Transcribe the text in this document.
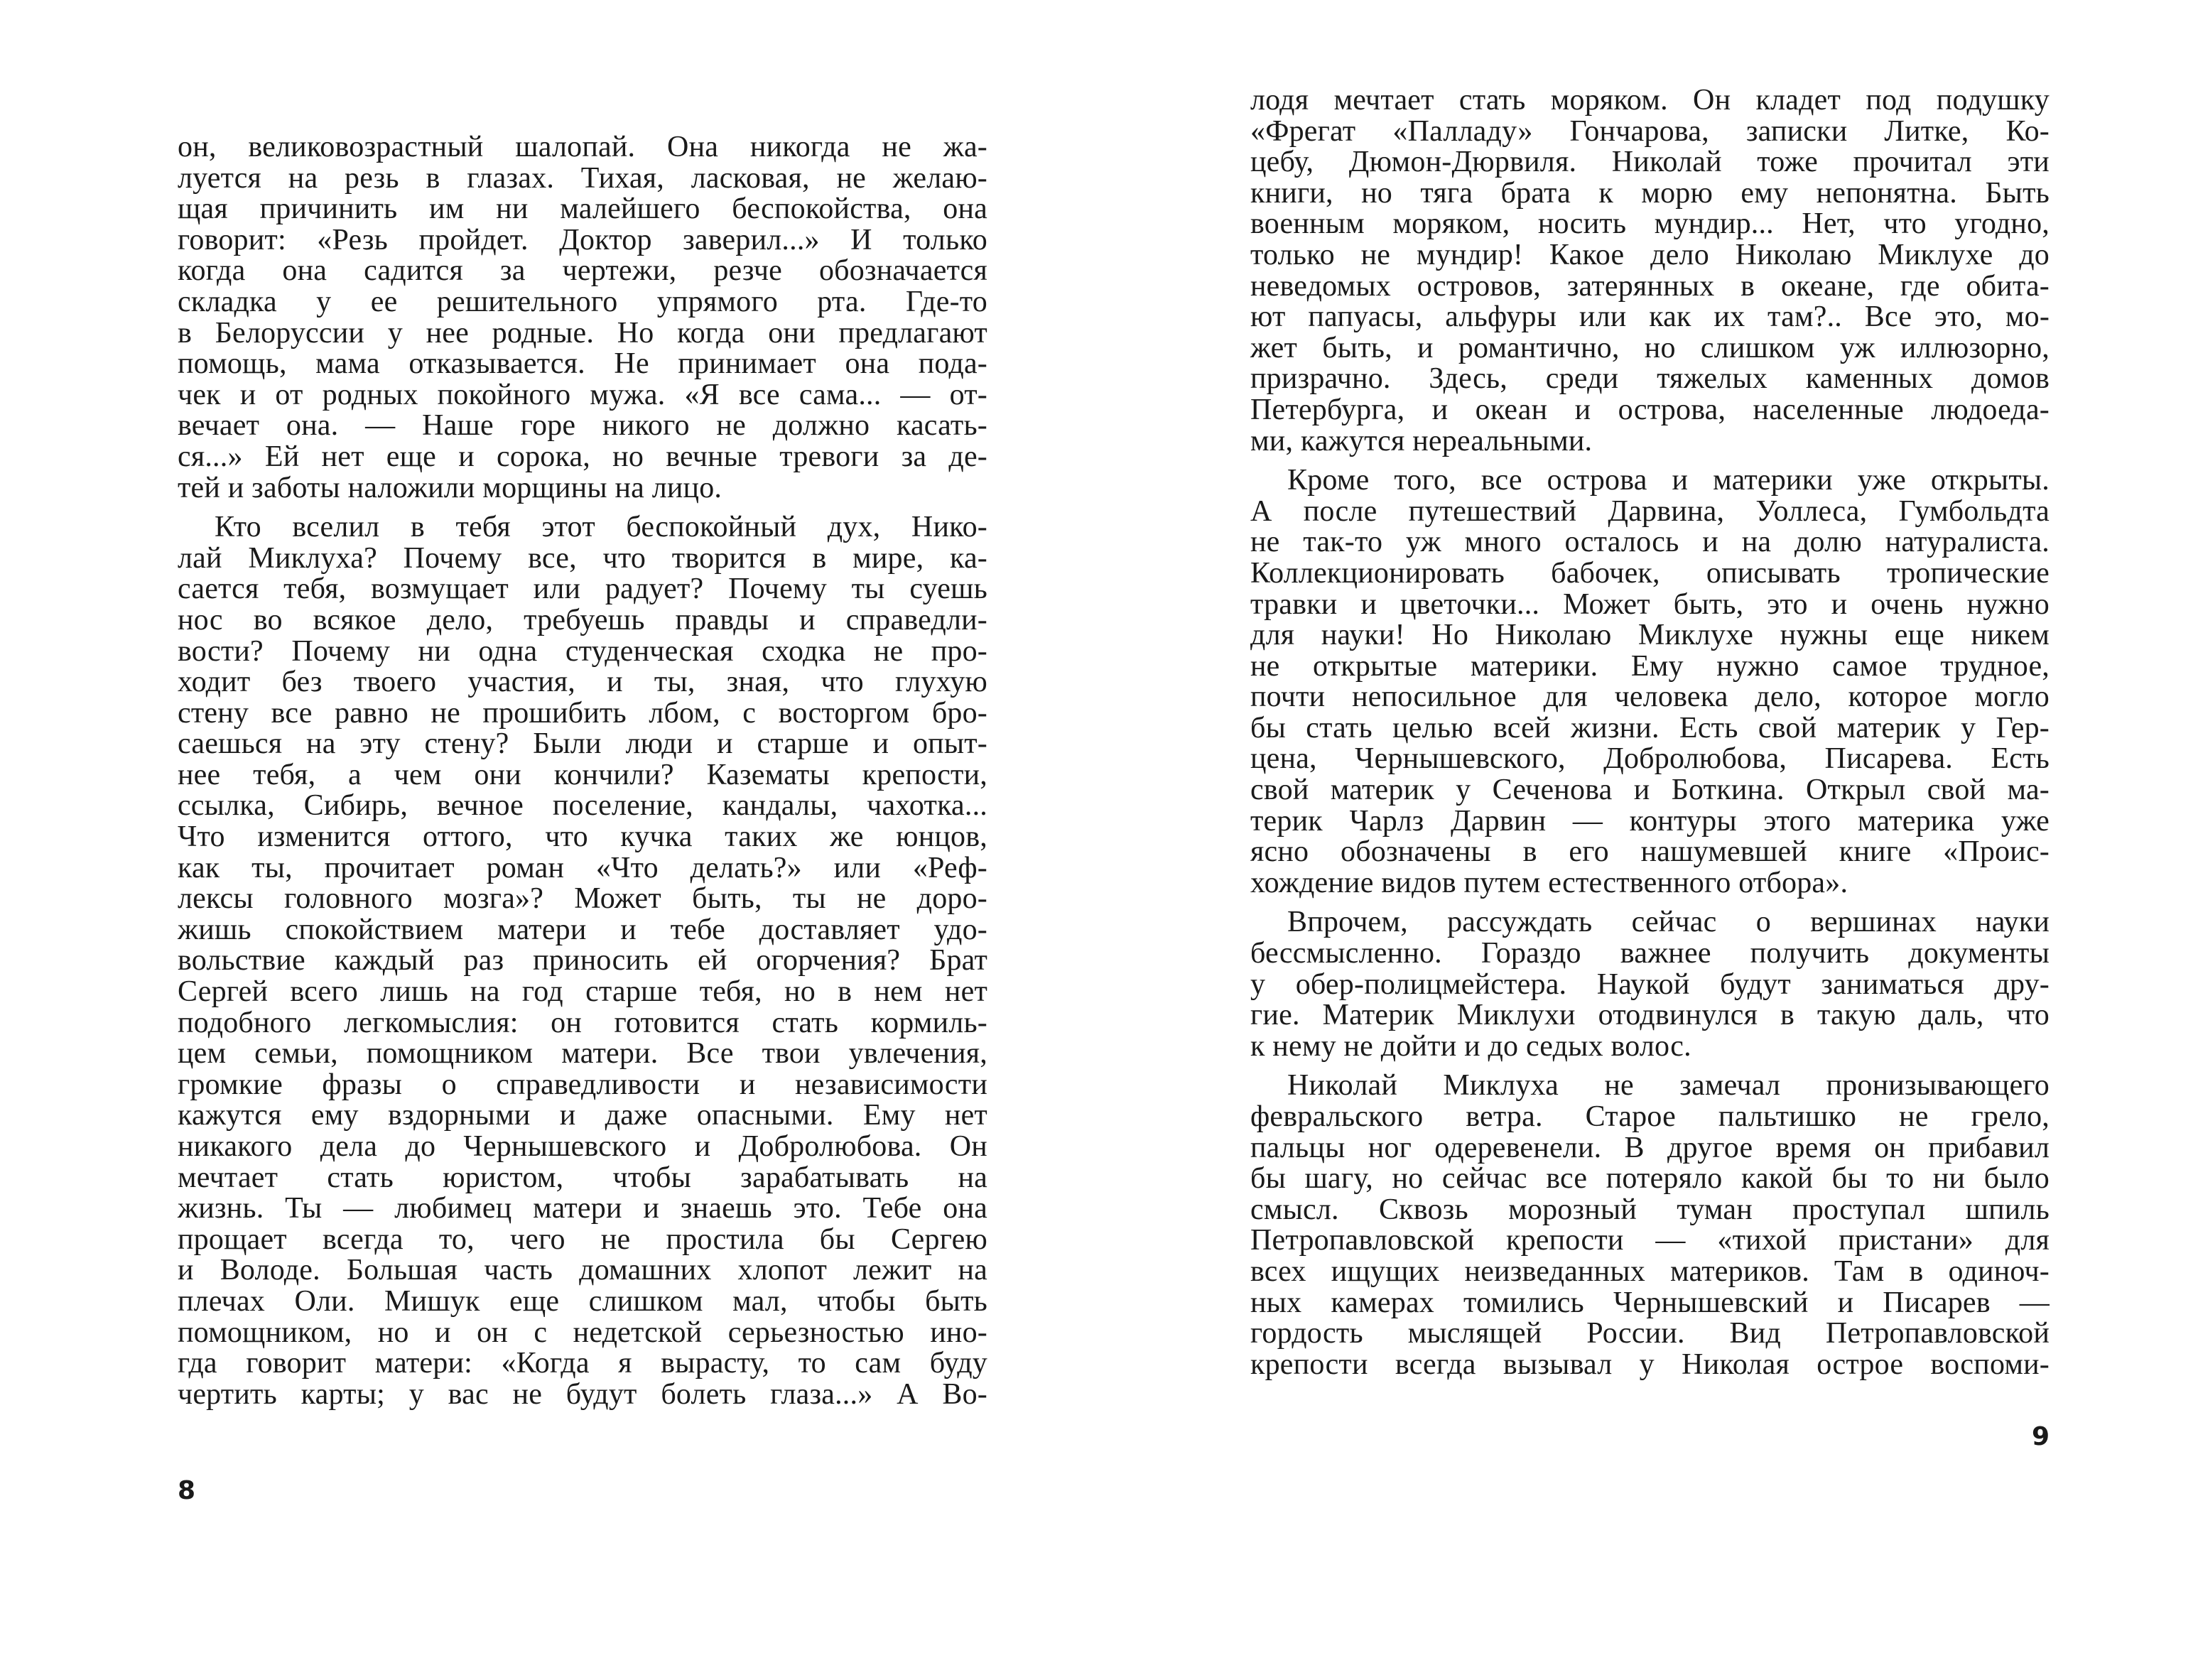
он, великовозрастный шалопай. Она никогда не жа-
луется на резь в глазах. Тихая, ласковая, не желаю-
щая причинить им ни малейшего беспокойства, она
говорит: «Резь пройдет. Доктор заверил...» И только
когда она садится за чертежи, резче обозначается
складка у ее решительного упрямого рта. Где-то
в Белоруссии у нее родные. Но когда они предлагают
помощь, мама отказывается. Не принимает она пода-
чек и от родных покойного мужа. «Я все сама... — от-
вечает она. — Наше горе никого не должно касать-
ся...» Ей нет еще и сорока, но вечные тревоги за де-
тей и заботы наложили морщины на лицо.
Кто вселил в тебя этот беспокойный дух, Нико-
лай Миклуха? Почему все, что творится в мире, ка-
сается тебя, возмущает или радует? Почему ты суешь
нос во всякое дело, требуешь правды и справедли-
вости? Почему ни одна студенческая сходка не про-
ходит без твоего участия, и ты, зная, что глухую
стену все равно не прошибить лбом, с восторгом бро-
саешься на эту стену? Были люди и старше и опыт-
нее тебя, а чем они кончили? Казематы крепости,
ссылка, Сибирь, вечное поселение, кандалы, чахотка...
Что изменится оттого, что кучка таких же юнцов,
как ты, прочитает роман «Что делать?» или «Реф-
лексы головного мозга»? Может быть, ты не доро-
жишь спокойствием матери и тебе доставляет удо-
вольствие каждый раз приносить ей огорчения? Брат
Сергей всего лишь на год старше тебя, но в нем нет
подобного легкомыслия: он готовится стать кормиль-
цем семьи, помощником матери. Все твои увлечения,
громкие фразы о справедливости и независимости
кажутся ему вздорными и даже опасными. Ему нет
никакого дела до Чернышевского и Добролюбова. Он
мечтает стать юристом, чтобы зарабатывать на
жизнь. Ты — любимец матери и знаешь это. Тебе она
прощает всегда то, чего не простила бы Сергею
и Володе. Большая часть домашних хлопот лежит на
плечах Оли. Мишук еще слишком мал, чтобы быть
помощником, но и он с недетской серьезностью ино-
гда говорит матери: «Когда я вырасту, то сам буду
чертить карты; у вас не будут болеть глаза...» А Во-
8
лодя мечтает стать моряком. Он кладет под подушку
«Фрегат «Палладу» Гончарова, записки Литке, Ко-
цебу, Дюмон-Дюрвиля. Николай тоже прочитал эти
книги, но тяга брата к морю ему непонятна. Быть
военным моряком, носить мундир... Нет, что угодно,
только не мундир! Какое дело Николаю Миклухе до
неведомых островов, затерянных в океане, где обита-
ют папуасы, альфуры или как их там?.. Все это, мо-
жет быть, и романтично, но слишком уж иллюзорно,
призрачно. Здесь, среди тяжелых каменных домов
Петербурга, и океан и острова, населенные людоеда-
ми, кажутся нереальными.
Кроме того, все острова и материки уже открыты.
А после путешествий Дарвина, Уоллеса, Гумбольдта
не так-то уж много осталось и на долю натуралиста.
Коллекционировать бабочек, описывать тропические
травки и цветочки... Может быть, это и очень нужно
для науки! Но Николаю Миклухе нужны еще никем
не открытые материки. Ему нужно самое трудное,
почти непосильное для человека дело, которое могло
бы стать целью всей жизни. Есть свой материк у Гер-
цена, Чернышевского, Добролюбова, Писарева. Есть
свой материк у Сеченова и Боткина. Открыл свой ма-
терик Чарлз Дарвин — контуры этого материка уже
ясно обозначены в его нашумевшей книге «Проис-
хождение видов путем естественного отбора».
Впрочем, рассуждать сейчас о вершинах науки
бессмысленно. Гораздо важнее получить документы
у обер-полицмейстера. Наукой будут заниматься дру-
гие. Материк Миклухи отодвинулся в такую даль, что
к нему не дойти и до седых волос.
Николай Миклуха не замечал пронизывающего
февральского ветра. Старое пальтишко не грело,
пальцы ног одеревенели. В другое время он прибавил
бы шагу, но сейчас все потеряло какой бы то ни было
смысл. Сквозь морозный туман проступал шпиль
Петропавловской крепости — «тихой пристани» для
всех ищущих неизведанных материков. Там в одиноч-
ных камерах томились Чернышевский и Писарев —
гордость мыслящей России. Вид Петропавловской
крепости всегда вызывал у Николая острое воспоми-
9
